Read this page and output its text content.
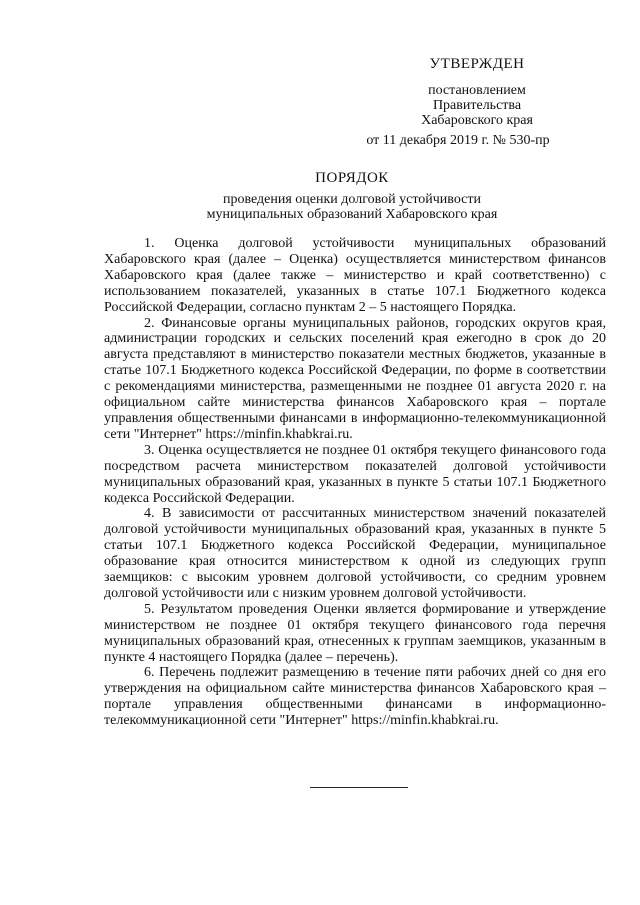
УТВЕРЖДЕН
постановлением
Правительства
Хабаровского края
от 11 декабря 2019 г. № 530-пр
ПОРЯДОК
проведения оценки долговой устойчивости
муниципальных образований Хабаровского края

1. Оценка долговой устойчивости муниципальных образований Хабаровского края (далее – Оценка) осуществляется министерством финансов Хабаровского края (далее также – министерство и край соответственно) с использованием показателей, указанных в статье 107.1 Бюджетного кодекса Российской Федерации, согласно пунктам 2 – 5 настоящего Порядка.

2. Финансовые органы муниципальных районов, городских округов края, администрации городских и сельских поселений края ежегодно в срок до 20 августа представляют в министерство показатели местных бюджетов, указанные в статье 107.1 Бюджетного кодекса Российской Федерации, по форме в соответствии с рекомендациями министерства, размещенными не позднее 01 августа 2020 г. на официальном сайте министерства финансов Хабаровского края – портале управления общественными финансами в информационно-телекоммуникационной сети "Интернет" https://minfin.khabkrai.ru.

3. Оценка осуществляется не позднее 01 октября текущего финансового года посредством расчета министерством показателей долговой устойчивости муниципальных образований края, указанных в пункте 5 статьи 107.1 Бюджетного кодекса Российской Федерации.

4. В зависимости от рассчитанных министерством значений показателей долговой устойчивости муниципальных образований края, указанных в пункте 5 статьи 107.1 Бюджетного кодекса Российской Федерации, муниципальное образование края относится министерством к одной из следующих групп заемщиков: с высоким уровнем долговой устойчивости, со средним уровнем долговой устойчивости или с низким уровнем долговой устойчивости.

5. Результатом проведения Оценки является формирование и утверждение министерством не позднее 01 октября текущего финансового года перечня муниципальных образований края, отнесенных к группам заемщиков, указанным в пункте 4 настоящего Порядка (далее – перечень).

6. Перечень подлежит размещению в течение пяти рабочих дней со дня его утверждения на официальном сайте министерства финансов Хабаровского края – портале управления общественными финансами в информационно-телекоммуникационной сети "Интернет" https://minfin.khabkrai.ru.
